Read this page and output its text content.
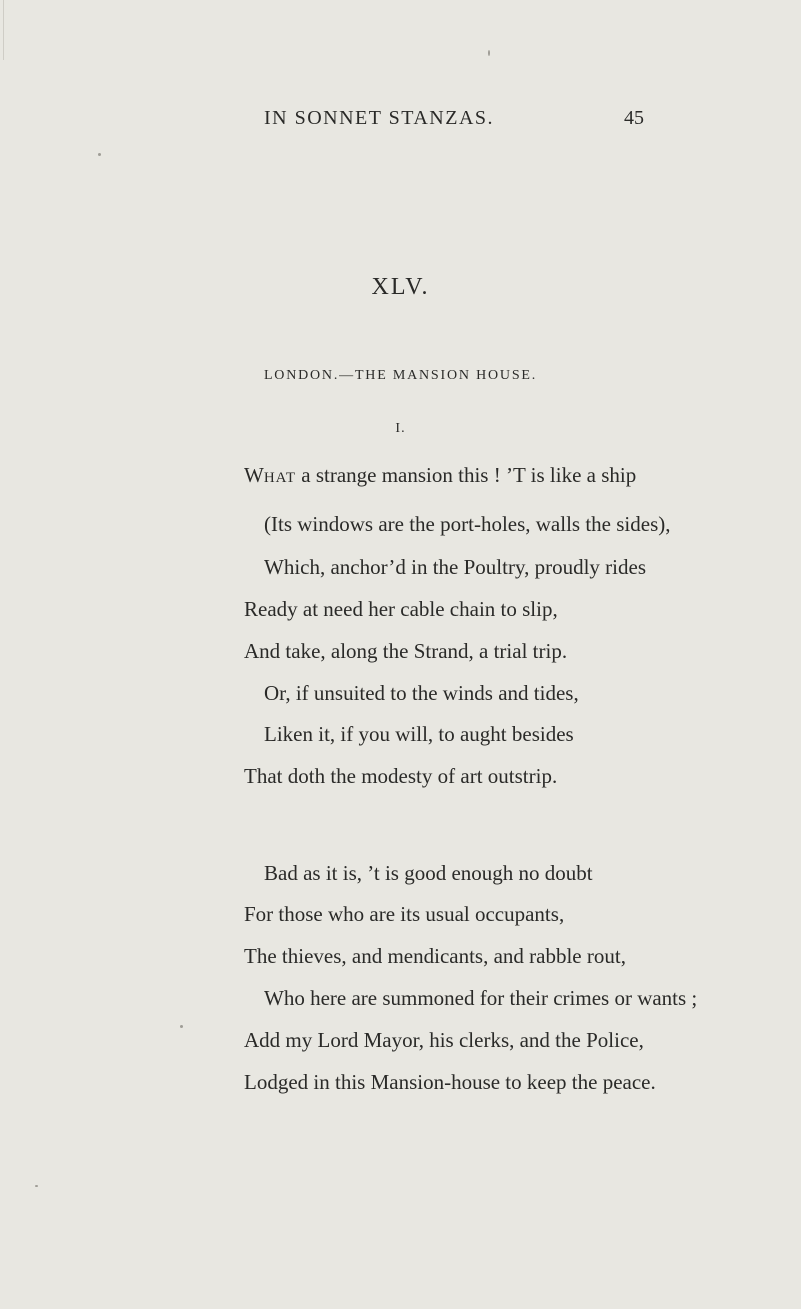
IN SONNET STANZAS.	45
XLV.
LONDON.—THE MANSION HOUSE.
I.
WHAT a strange mansion this ! ’T is like a ship
(Its windows are the port-holes, walls the sides),
Which, anchor’d in the Poultry, proudly rides
Ready at need her cable chain to slip,
And take, along the Strand, a trial trip.
Or, if unsuited to the winds and tides,
Liken it, if you will, to aught besides
That doth the modesty of art outstrip.
Bad as it is, ’t is good enough no doubt
For those who are its usual occupants,
The thieves, and mendicants, and rabble rout,
Who here are summoned for their crimes or wants ;
Add my Lord Mayor, his clerks, and the Police,
Lodged in this Mansion-house to keep the peace.
